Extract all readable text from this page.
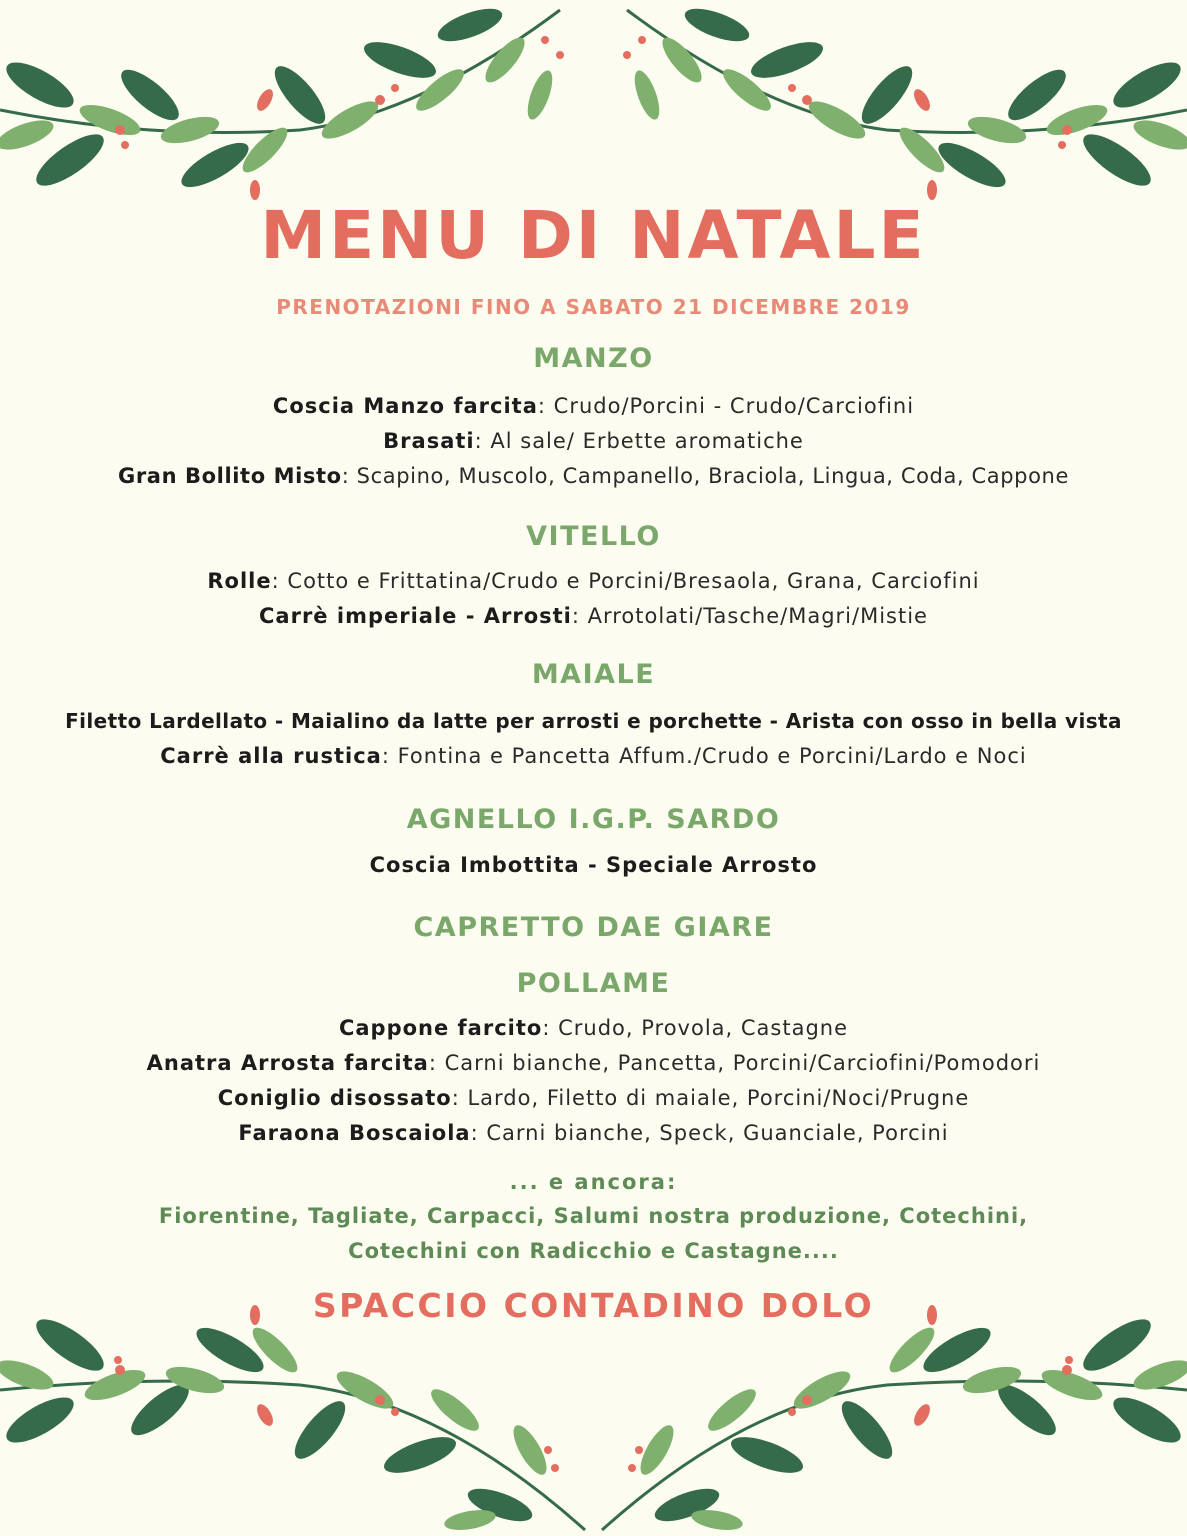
MENU DI NATALE
PRENOTAZIONI FINO A SABATO 21 DICEMBRE 2019
MANZO
Coscia Manzo farcita: Crudo/Porcini - Crudo/Carciofini
Brasati: Al sale/ Erbette aromatiche
Gran Bollito Misto: Scapino, Muscolo, Campanello, Braciola, Lingua, Coda, Cappone
VITELLO
Rolle: Cotto e Frittatina/Crudo e Porcini/Bresaola, Grana, Carciofini
Carrè imperiale - Arrosti: Arrotolati/Tasche/Magri/Mistie
MAIALE
Filetto Lardellato - Maialino da latte per arrosti e porchette - Arista con osso in bella vista
Carrè alla rustica: Fontina e Pancetta Affum./Crudo e Porcini/Lardo e Noci
AGNELLO I.G.P. SARDO
Coscia Imbottita - Speciale Arrosto
CAPRETTO DAE GIARE
POLLAME
Cappone farcito: Crudo, Provola, Castagne
Anatra Arrosta farcita: Carni bianche, Pancetta, Porcini/Carciofini/Pomodori
Coniglio disossato: Lardo, Filetto di maiale, Porcini/Noci/Prugne
Faraona Boscaiola: Carni bianche, Speck, Guanciale, Porcini
... e ancora:
Fiorentine, Tagliate, Carpacci, Salumi nostra produzione, Cotechini,
Cotechini con Radicchio e Castagne....
SPACCIO CONTADINO DOLO
